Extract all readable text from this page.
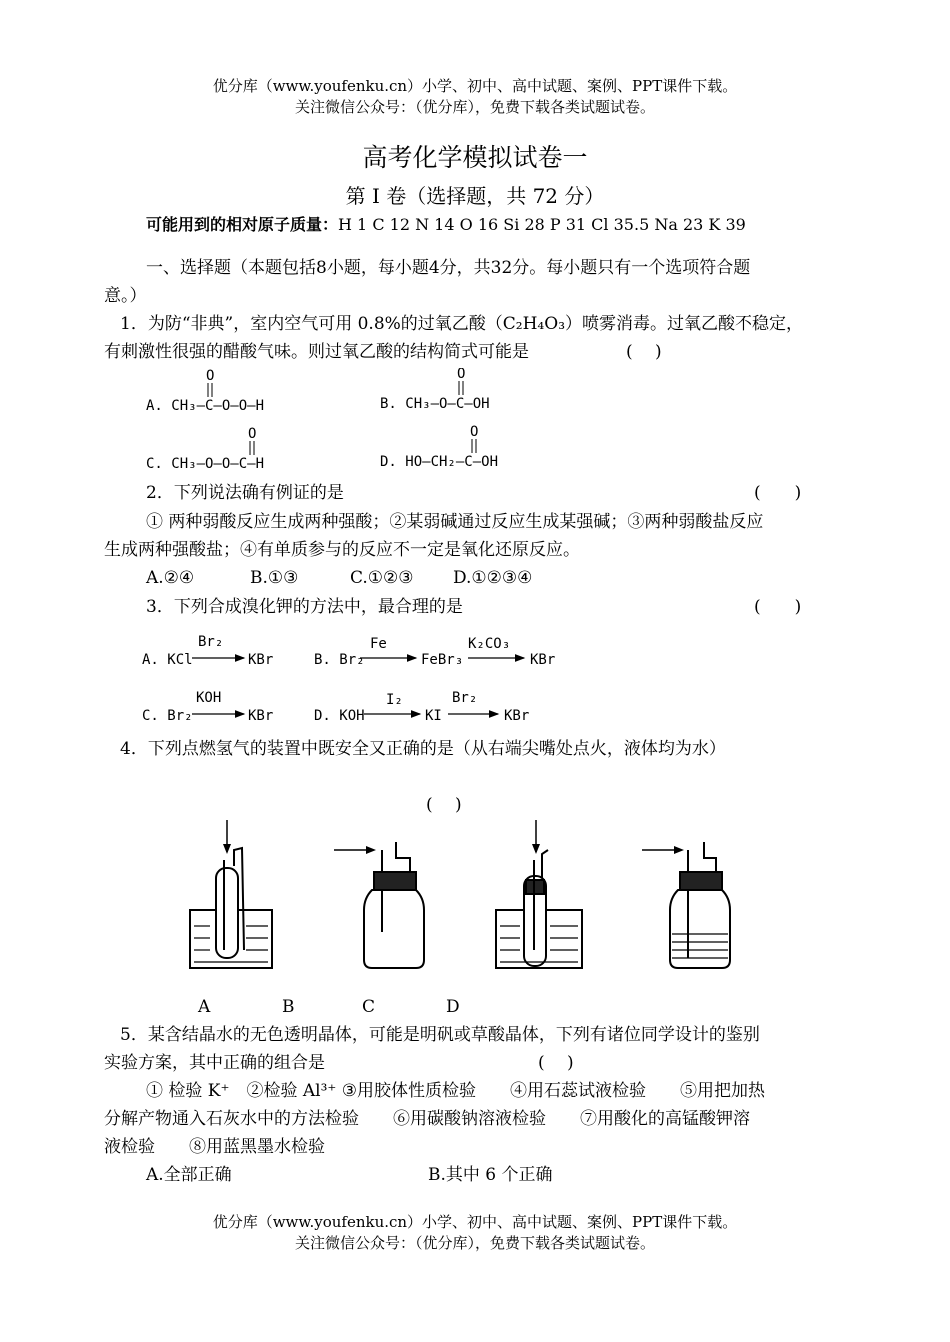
优分库（www.youfenku.cn）小学、初中、高中试题、案例、PPT课件下载。
关注微信公众号：（优分库），免费下载各类试题试卷。
高考化学模拟试卷一
第 I 卷（选择题，共 72 分）
可能用到的相对原子质量：H 1 C 12 N 14 O 16 Si 28 P 31 Cl 35.5 Na 23 K 39
一、选择题（本题包括8小题，每小题4分，共32分。每小题只有一个选项符合题
意。）
1．为防“非典”，室内空气可用 0.8%的过氧乙酸（C₂H₄O₃）喷雾消毒。过氧乙酸不稳定，
有刺激性很强的醋酸气味。则过氧乙酸的结构简式可能是	(　 )
A. CH₃—C—O—O—H
O
B. CH₃—O—C—OH
O
C. CH₃—O—O—C—H
O
D. HO—CH₂—C—OH
O
2．下列说法确有例证的是	(　　)
① 两种弱酸反应生成两种强酸；②某弱碱通过反应生成某强碱；③两种弱酸盐反应
生成两种强酸盐；④有单质参与的反应不一定是氧化还原反应。
A.②④	B.①③	C.①②③ D.①②③④
3．下列合成溴化钾的方法中，最合理的是	(　　)
A. KCl
Br₂
KBr	B. Br₂
Fe
FeBr₃
K₂CO₃
KBr
C. Br₂
KOH
KBr	D. KOH
I₂
KI
Br₂
KBr
4．下列点燃氢气的装置中既安全又正确的是（从右端尖嘴处点火，液体均为水）
(　 )
A	B	C	D
5．某含结晶水的无色透明晶体，可能是明矾或草酸晶体，下列有诸位同学设计的鉴别
实验方案，其中正确的组合是	(　 )
① 检验 K⁺　②检验 Al³⁺ ③用胶体性质检验　　④用石蕊试液检验　　⑤用把加热
分解产物通入石灰水中的方法检验　　⑥用碳酸钠溶液检验　　⑦用酸化的高锰酸钾溶
液检验　　⑧用蓝黑墨水检验
A.全部正确	B.其中 6 个正确
优分库（www.youfenku.cn）小学、初中、高中试题、案例、PPT课件下载。
关注微信公众号：（优分库），免费下载各类试题试卷。
